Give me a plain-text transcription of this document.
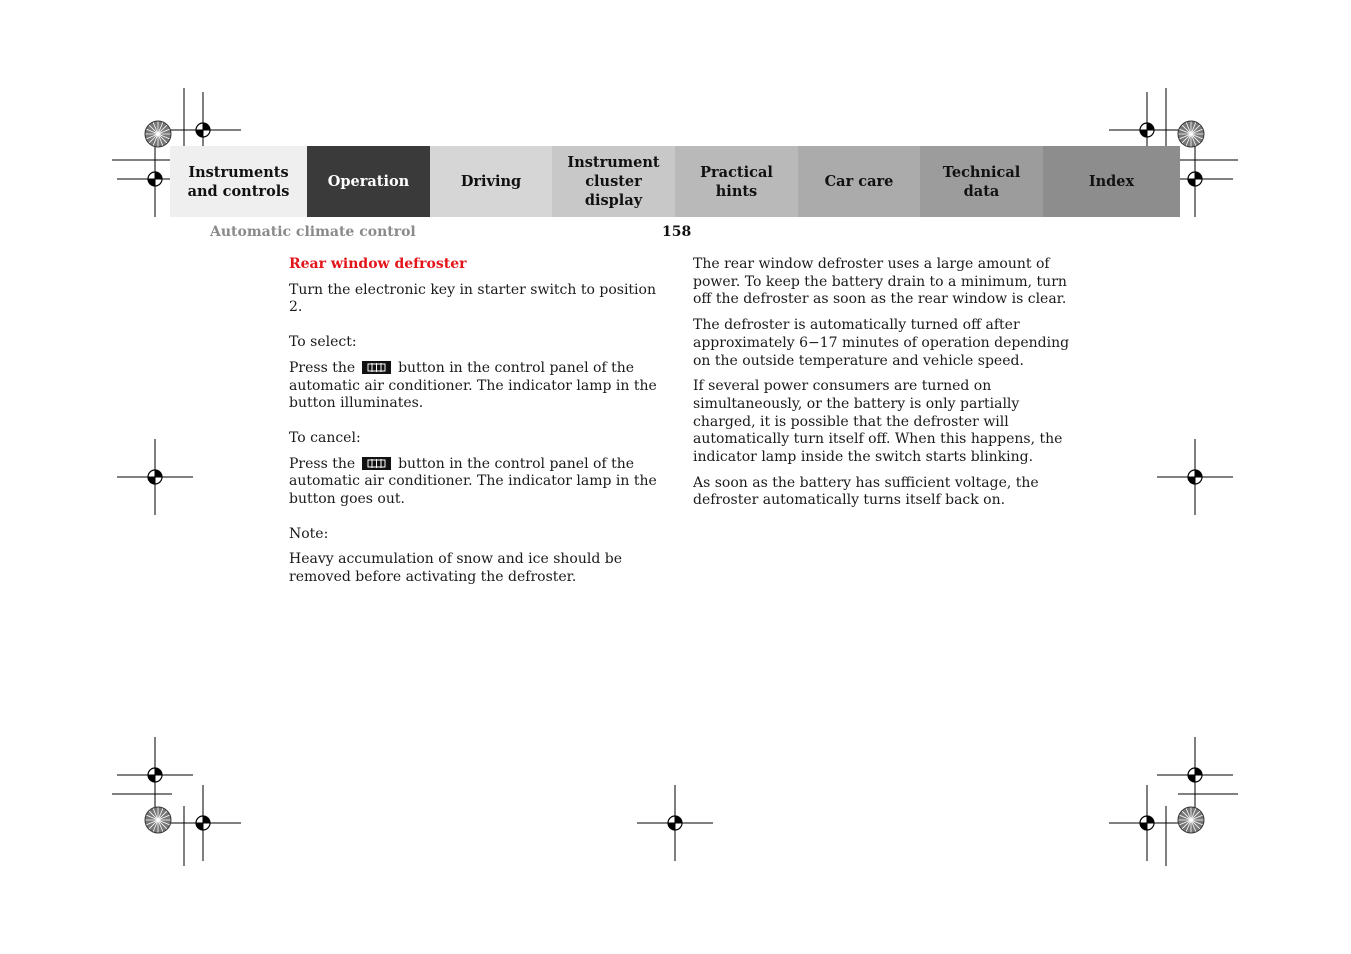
Instruments
and controls
Operation	Driving
Instrument
cluster display
Practical hints
Car care
Technical
data
Index
Automatic climate control	158

Rear window defroster

Turn the electronic key in starter switch to position 2.

To select:

Press the	button in the control panel of the automatic air conditioner. The indicator lamp in the button illuminates.

To cancel:

Press the	button in the control panel of the automatic air conditioner. The indicator lamp in the button goes out.

Note:

Heavy accumulation of snow and ice should be removed before activating the defroster.

The rear window defroster uses a large amount of power. To keep the battery drain to a minimum, turn off the defroster as soon as the rear window is clear.

The defroster is automatically turned off after approximately 6−17 minutes of operation depending on the outside temperature and vehicle speed.

If several power consumers are turned on simultaneously, or the battery is only partially charged, it is possible that the defroster will automatically turn itself off. When this happens, the indicator lamp inside the switch starts blinking.

As soon as the battery has sufficient voltage, the defroster automatically turns itself back on.
